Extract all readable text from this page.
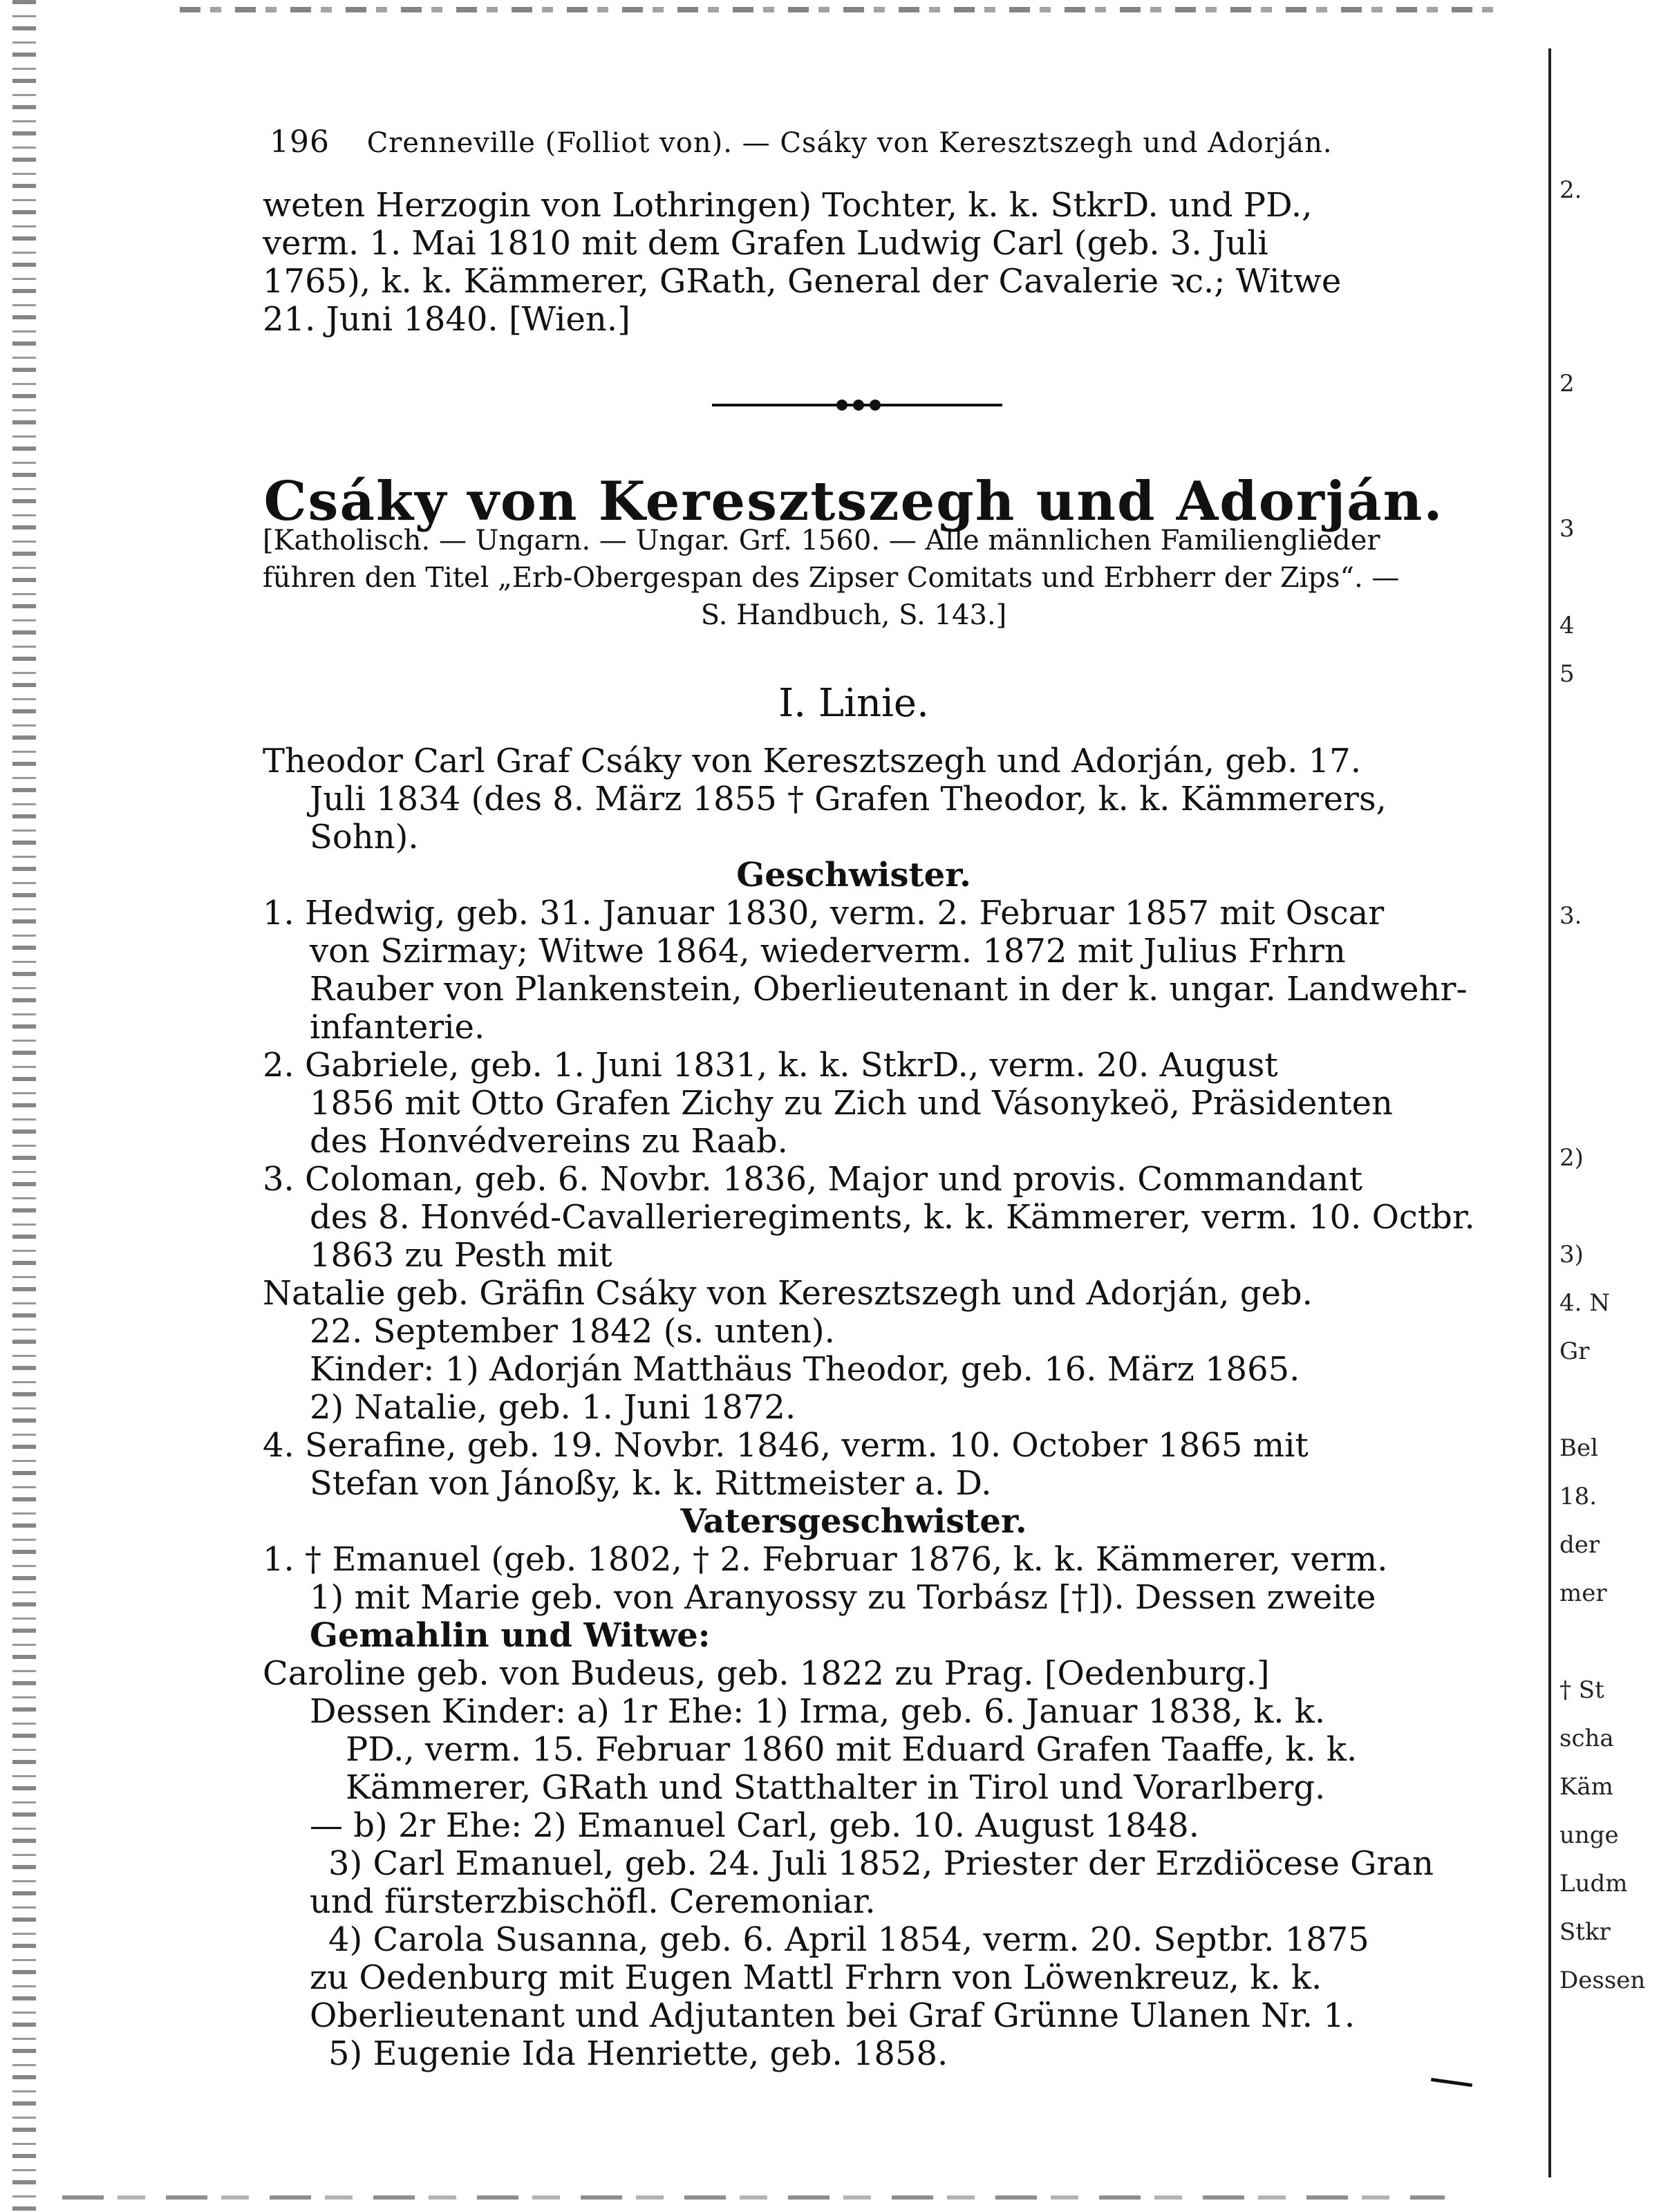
2.

2

3

4
5

3.

2)

3)
4. N
Gr

Bel
18.
der
mer

† St
scha
Käm
unge
Ludm
Stkr
Dessen
196 Crenneville (Folliot von). — Csáky von Keresztszegh und Adorján.
weten Herzogin von Lothringen) Tochter, k. k. StkrD. und PD.,
verm. 1. Mai 1810 mit dem Grafen Ludwig Carl (geb. 3. Juli
1765), k. k. Kämmerer, GRath, General der Cavalerie ꝛc.; Witwe
21. Juni 1840. [Wien.]
Csáky von Keresztszegh und Adorján.
[Katholisch. — Ungarn. — Ungar. Grf. 1560. — Alle männlichen Familienglieder
führen den Titel „Erb-Obergespan des Zipser Comitats und Erbherr der Zips“. —
S. Handbuch, S. 143.]
I. Linie.
Theodor Carl Graf Csáky von Keresztszegh und Adorján, geb. 17.
Juli 1834 (des 8. März 1855 † Grafen Theodor, k. k. Kämmerers,
Sohn).
Geschwister.
1. Hedwig, geb. 31. Januar 1830, verm. 2. Februar 1857 mit Oscar
von Szirmay; Witwe 1864, wiederverm. 1872 mit Julius Frhrn
Rauber von Plankenstein, Oberlieutenant in der k. ungar. Landwehr-
infanterie.
2. Gabriele, geb. 1. Juni 1831, k. k. StkrD., verm. 20. August
1856 mit Otto Grafen Zichy zu Zich und Vásonykeö, Präsidenten
des Honvédvereins zu Raab.
3. Coloman, geb. 6. Novbr. 1836, Major und provis. Commandant
des 8. Honvéd-Cavallerieregiments, k. k. Kämmerer, verm. 10. Octbr.
1863 zu Pesth mit
Natalie geb. Gräfin Csáky von Keresztszegh und Adorján, geb.
22. September 1842 (s. unten).
Kinder: 1) Adorján Matthäus Theodor, geb. 16. März 1865.
2) Natalie, geb. 1. Juni 1872.
4. Serafine, geb. 19. Novbr. 1846, verm. 10. October 1865 mit
Stefan von Jánoßy, k. k. Rittmeister a. D.
Vatersgeschwister.
1. † Emanuel (geb. 1802, † 2. Februar 1876, k. k. Kämmerer, verm.
1) mit Marie geb. von Aranyossy zu Torbász [†]). Dessen zweite
Gemahlin und Witwe:
Caroline geb. von Budeus, geb. 1822 zu Prag. [Oedenburg.]
Dessen Kinder: a) 1r Ehe: 1) Irma, geb. 6. Januar 1838, k. k.
PD., verm. 15. Februar 1860 mit Eduard Grafen Taaffe, k. k.
Kämmerer, GRath und Statthalter in Tirol und Vorarlberg.
— b) 2r Ehe: 2) Emanuel Carl, geb. 10. August 1848.
3) Carl Emanuel, geb. 24. Juli 1852, Priester der Erzdiöcese Gran
und fürsterzbischöfl. Ceremoniar.
4) Carola Susanna, geb. 6. April 1854, verm. 20. Septbr. 1875
zu Oedenburg mit Eugen Mattl Frhrn von Löwenkreuz, k. k.
Oberlieutenant und Adjutanten bei Graf Grünne Ulanen Nr. 1.
5) Eugenie Ida Henriette, geb. 1858.
